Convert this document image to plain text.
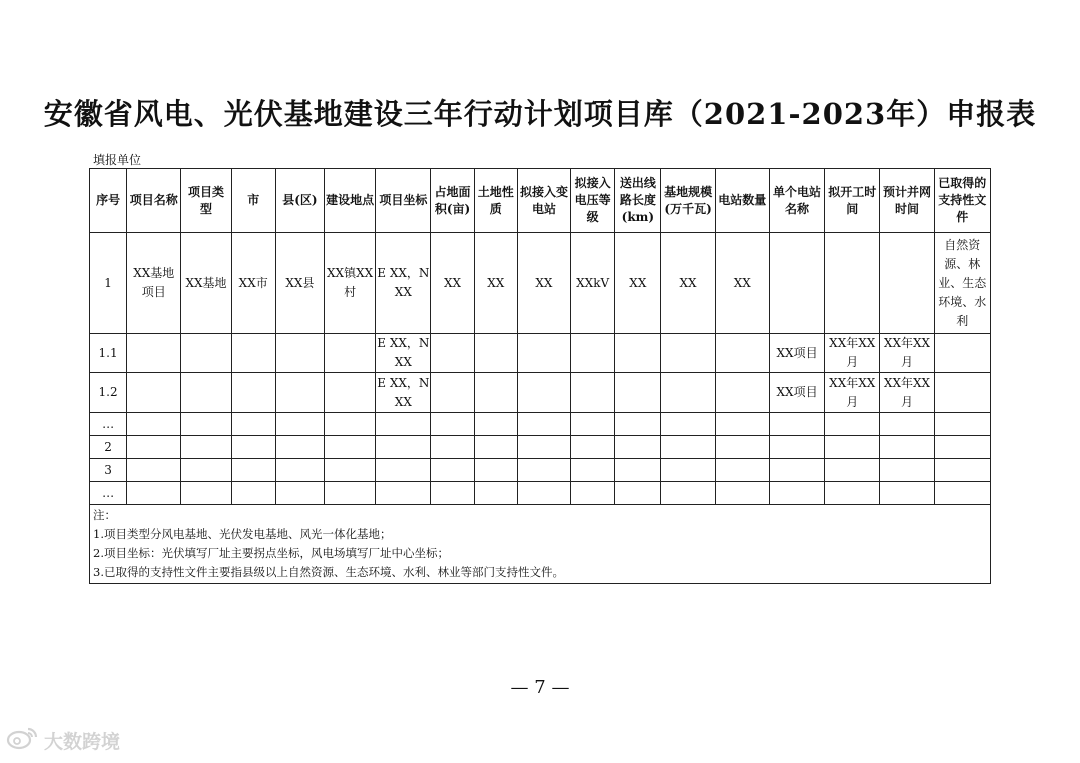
安徽省风电、光伏基地建设三年行动计划项目库（2021-2023年）申报表
填报单位
序号	项目名称	项目类型	市	县(区)	建设地点	项目坐标	占地面积(亩)	土地性质	拟接入变电站	拟接入电压等级	送出线路长度(km)	基地规模(万千瓦)	电站数量	单个电站名称	拟开工时间	预计并网时间	已取得的支持性文件
1	XX基地项目	XX基地	XX市	XX县	XX镇XX村	E XX，N XX	XX	XX	XX	XXkV	XX	XX	XX				自然资源、林业、生态环境、水利
1.1						E XX，N XX								XX项目	XX年XX月	XX年XX月	
1.2						E XX，N XX								XX项目	XX年XX月	XX年XX月	
…																	
2																	
3																	
…																	

注：
1.项目类型分风电基地、光伏发电基地、风光一体化基地；
2.项目坐标：光伏填写厂址主要拐点坐标，风电场填写厂址中心坐标；
3.已取得的支持性文件主要指县级以上自然资源、生态环境、水利、林业等部门支持性文件。																	
— 7 —
大数跨境
